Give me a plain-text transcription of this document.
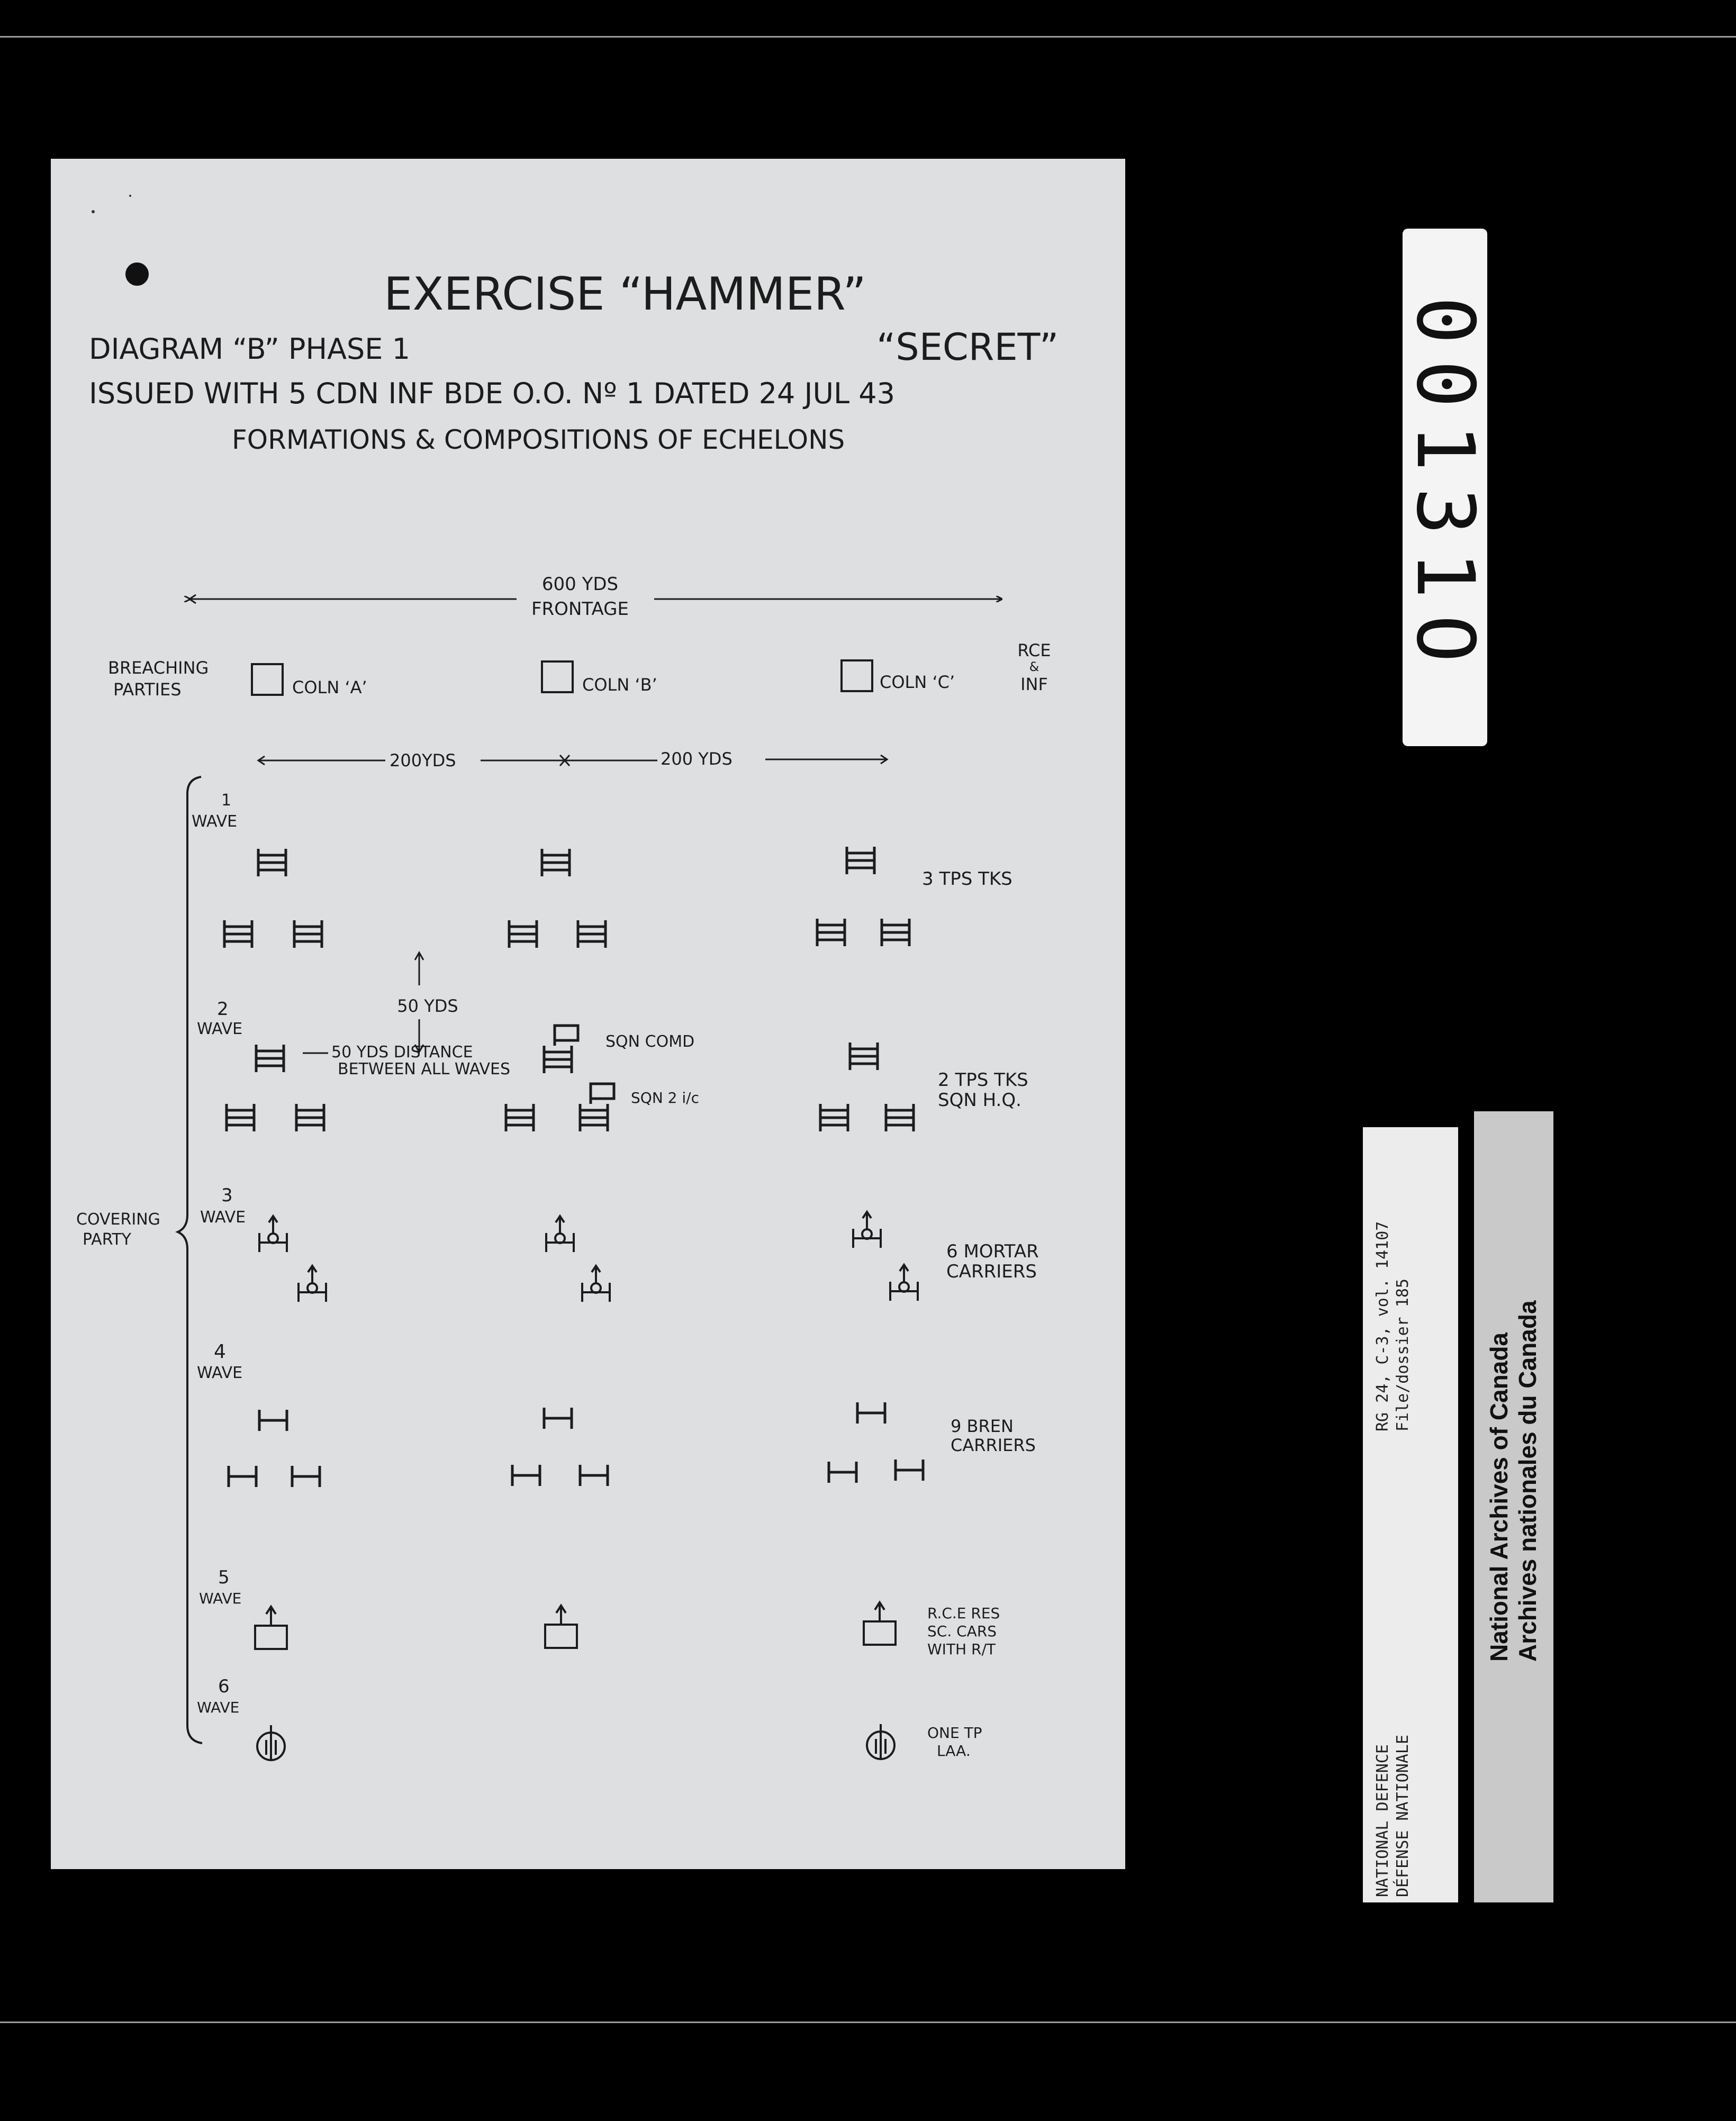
EXERCISE “HAMMER”
DIAGRAM “B” PHASE 1	“SECRET”
ISSUED WITH 5 CDN INF BDE O.O. Nº 1 DATED 24 JUL 43
FORMATIONS & COMPOSITIONS OF ECHELONS
600 YDS
FRONTAGE
BREACHING
PARTIES	COLN ‘A’	COLN ‘B’	COLN ‘C’
RCE
&
INF
200YDS	200 YDS
COVERING
PARTY
1
WAVE
2
WAVE
3
WAVE
4
WAVE
5
WAVE
6
WAVE
3 TPS TKS
2 TPS TKS
SQN H.Q.
6 MORTAR
CARRIERS
9 BREN
CARRIERS
R.C.E RES
SC. CARS
WITH R/T
ONE TP
LAA.
50 YDS
50 YDS DISTANCE
BETWEEN ALL WAVES
SQN COMD
SQN 2 i/c
00131O
NATIONAL DEFENCE DÉFENSE NATIONALE
RG 24, C-3, vol. 14107 File/dossier 185	National Archives of Canada Archives nationales du Canada
